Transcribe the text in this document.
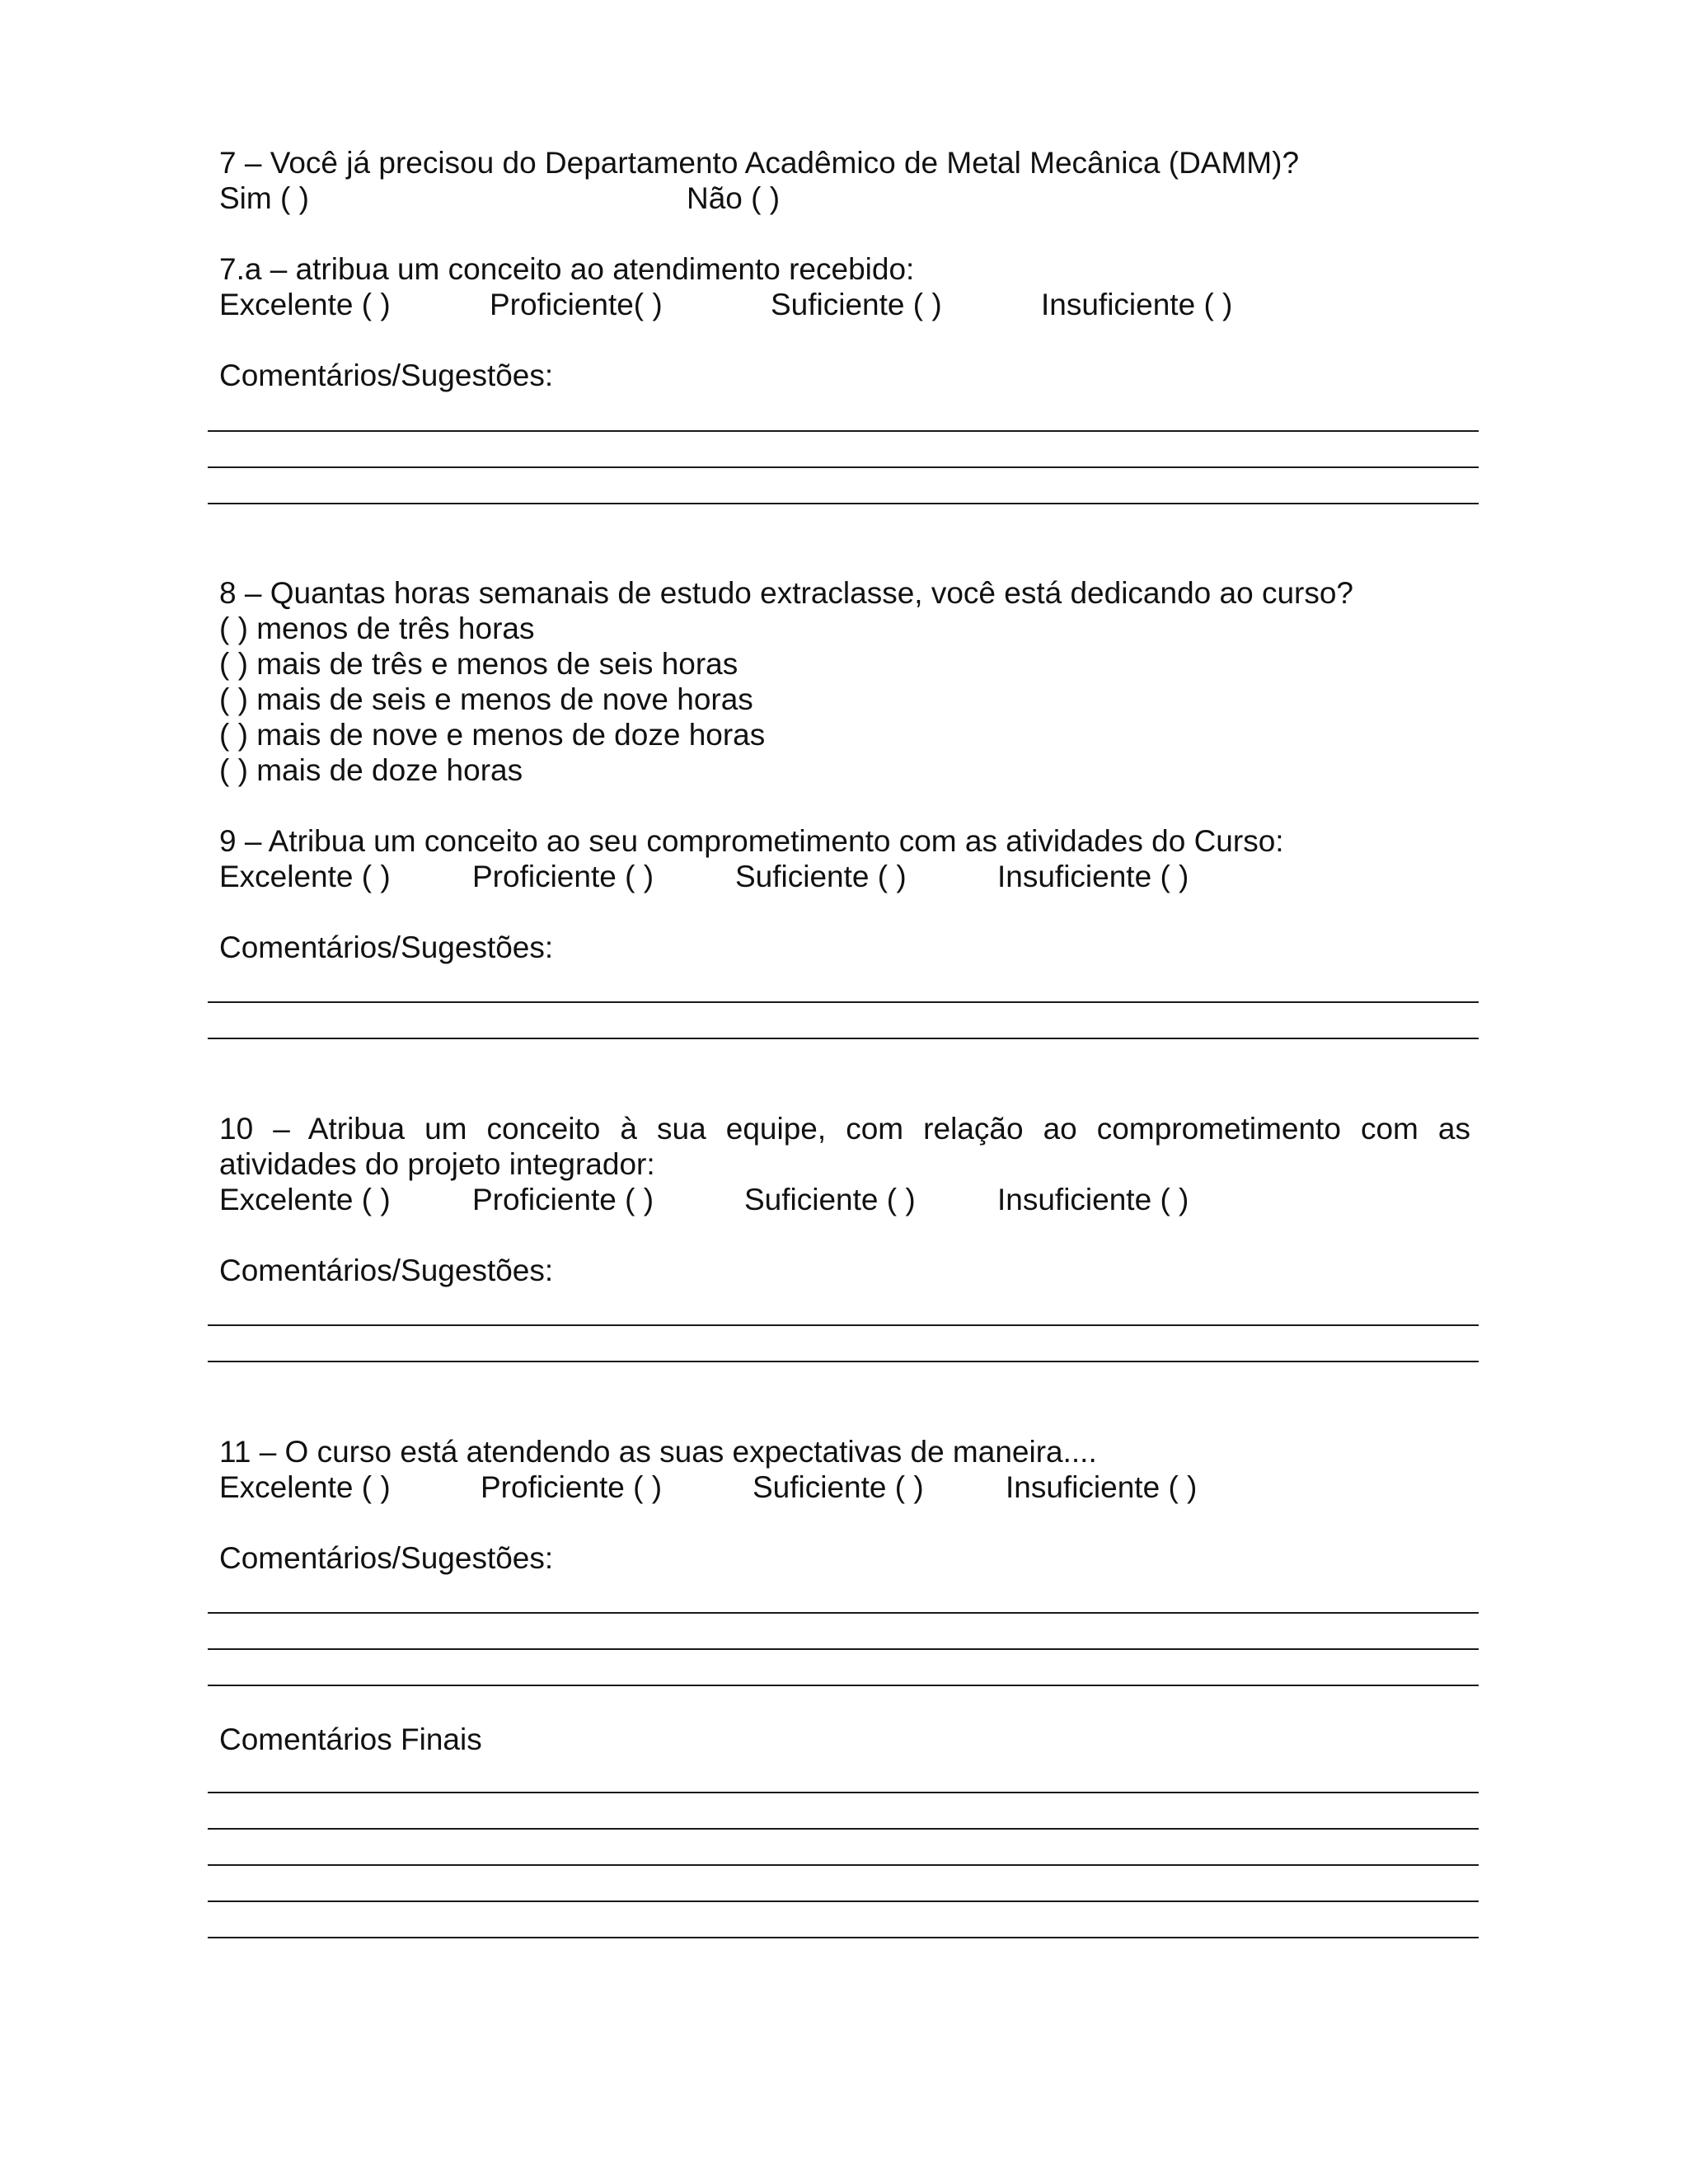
7 – Você já precisou do Departamento Acadêmico de Metal Mecânica (DAMM)?
Sim ( )	Não ( )
7.a – atribua um conceito ao atendimento recebido:
Excelente ( )	Proficiente( )	Suficiente ( )	Insuficiente ( )
Comentários/Sugestões:
8 – Quantas horas semanais de estudo extraclasse, você está dedicando ao curso?
( ) menos de três horas
( ) mais de três e menos de seis horas
( ) mais de seis e menos de nove horas
( ) mais de nove e menos de doze horas
( ) mais de doze horas
9 – Atribua um conceito ao seu comprometimento com as atividades do Curso:
Excelente ( )	Proficiente ( )	Suficiente ( )	Insuficiente ( )
Comentários/Sugestões:
10 – Atribua um conceito à sua equipe, com relação ao comprometimento com as
atividades do projeto integrador:
Excelente ( )	Proficiente ( )	Suficiente ( )	Insuficiente ( )
Comentários/Sugestões:
11 – O curso está atendendo as suas expectativas de maneira....
Excelente ( )	Proficiente ( )	Suficiente ( )	Insuficiente ( )
Comentários/Sugestões:
Comentários Finais
